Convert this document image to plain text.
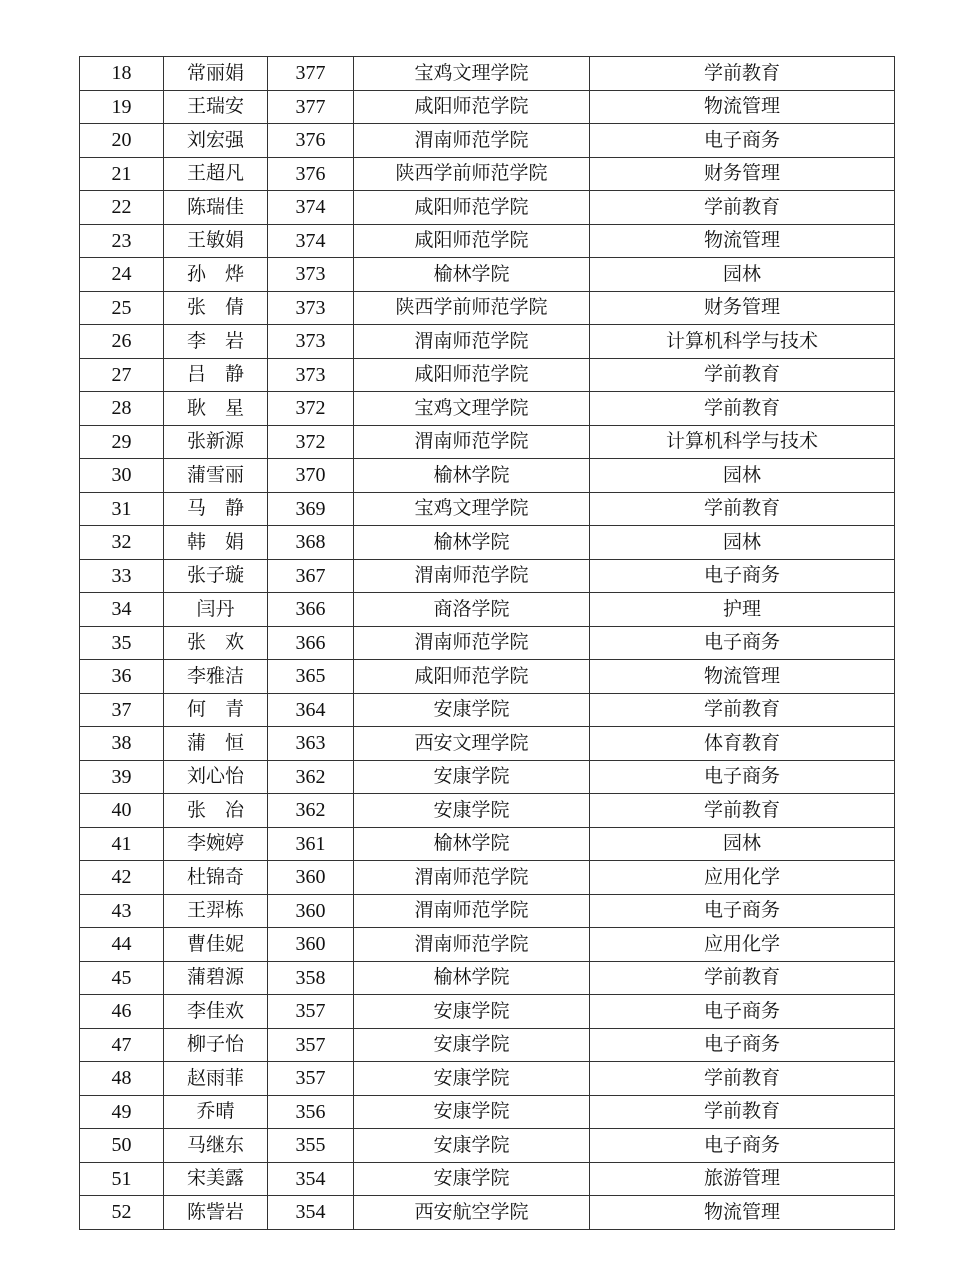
18	常丽娟	377	宝鸡文理学院	学前教育
19	王瑞安	377	咸阳师范学院	物流管理
20	刘宏强	376	渭南师范学院	电子商务
21	王超凡	376	陕西学前师范学院	财务管理
22	陈瑞佳	374	咸阳师范学院	学前教育
23	王敏娟	374	咸阳师范学院	物流管理
24	孙　烨	373	榆林学院	园林
25	张　倩	373	陕西学前师范学院	财务管理
26	李　岩	373	渭南师范学院	计算机科学与技术
27	吕　静	373	咸阳师范学院	学前教育
28	耿　星	372	宝鸡文理学院	学前教育
29	张新源	372	渭南师范学院	计算机科学与技术
30	蒲雪丽	370	榆林学院	园林
31	马　静	369	宝鸡文理学院	学前教育
32	韩　娟	368	榆林学院	园林
33	张子璇	367	渭南师范学院	电子商务
34	闫丹	366	商洛学院	护理
35	张　欢	366	渭南师范学院	电子商务
36	李雅洁	365	咸阳师范学院	物流管理
37	何　青	364	安康学院	学前教育
38	蒲　恒	363	西安文理学院	体育教育
39	刘心怡	362	安康学院	电子商务
40	张　冶	362	安康学院	学前教育
41	李婉婷	361	榆林学院	园林
42	杜锦奇	360	渭南师范学院	应用化学
43	王羿栋	360	渭南师范学院	电子商务
44	曹佳妮	360	渭南师范学院	应用化学
45	蒲碧源	358	榆林学院	学前教育
46	李佳欢	357	安康学院	电子商务
47	柳子怡	357	安康学院	电子商务
48	赵雨菲	357	安康学院	学前教育
49	乔晴	356	安康学院	学前教育
50	马继东	355	安康学院	电子商务
51	宋美露	354	安康学院	旅游管理
52	陈訾岩	354	西安航空学院	物流管理
